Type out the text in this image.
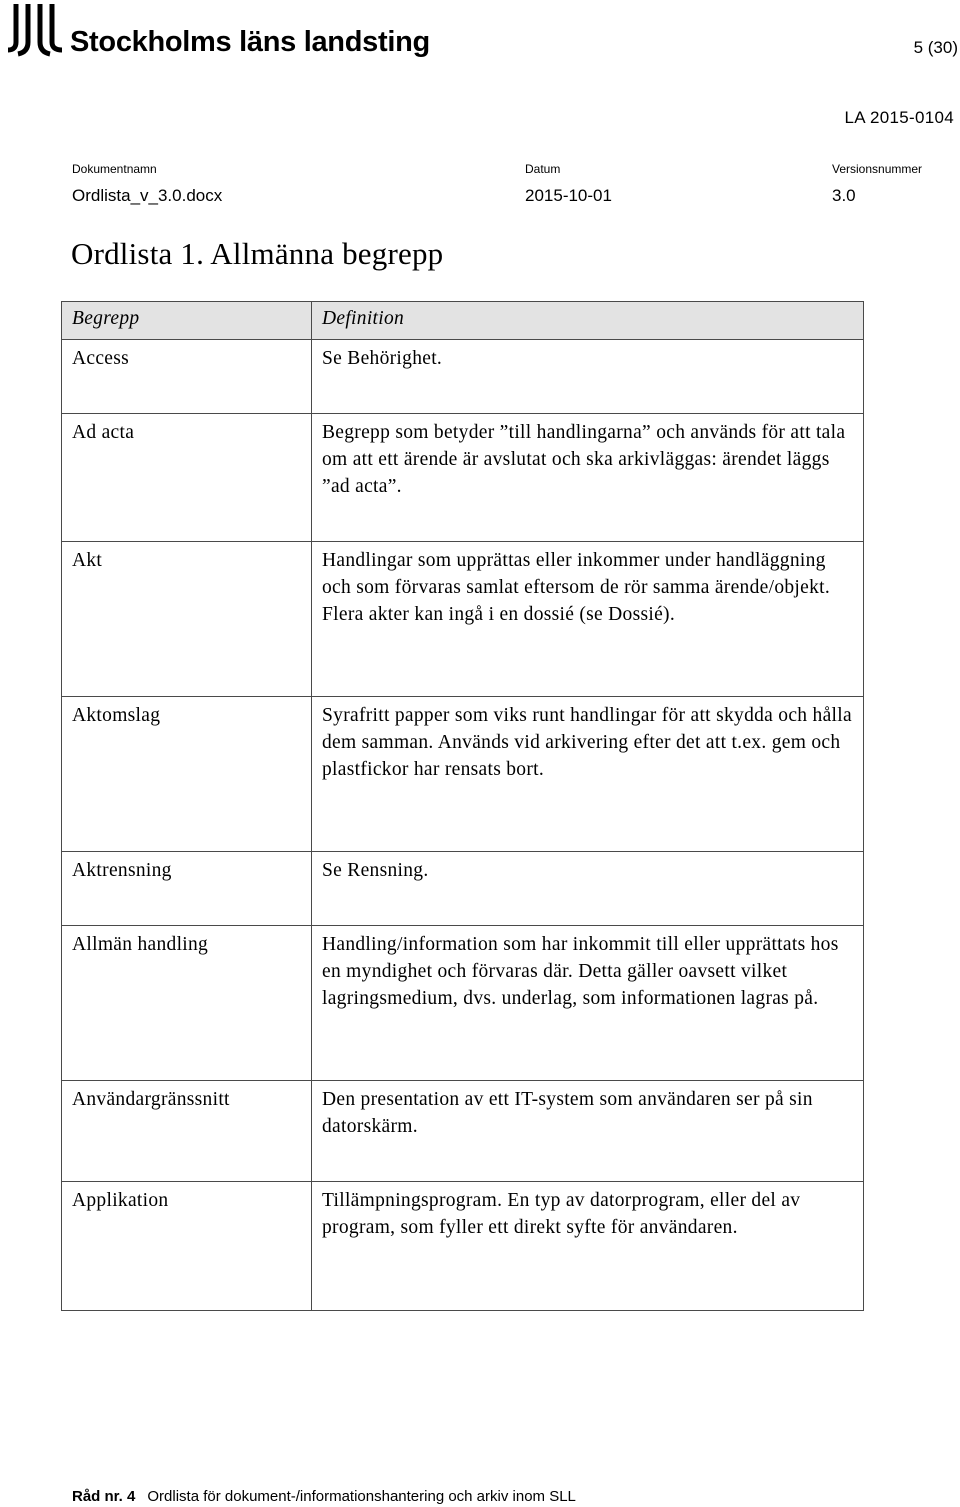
Stockholms läns landsting	5 (30)
LA 2015-0104
Dokumentnamn	Datum	Versionsnummer
Ordlista_v_3.0.docx	2015-10-01	3.0
Ordlista 1. Allmänna begrepp
Begrepp	Definition
Access	Se Behörighet.
Ad acta	Begrepp som betyder ”till handlingarna” och används för att tala om att ett ärende är avslutat och ska arkivläggas: ärendet läggs ”ad acta”.
Akt	Handlingar som upprättas eller inkommer under handläggning och som förvaras samlat eftersom de rör samma ärende/objekt. Flera akter kan ingå i en dossié (se Dossié).
Aktomslag	Syrafritt papper som viks runt handlingar för att skydda och hålla dem samman. Används vid arkivering efter det att t.ex. gem och plastfickor har rensats bort.
Aktrensning	Se Rensning.
Allmän handling	Handling/information som har inkommit till eller upprättats hos en myndighet och förvaras där. Detta gäller oavsett vilket lagringsmedium, dvs. underlag, som informationen lagras på.
Användargränssnitt	Den presentation av ett IT-system som användaren ser på sin datorskärm.
Applikation	Tillämpningsprogram. En typ av datorprogram, eller del av program, som fyller ett direkt syfte för användaren.
Råd nr. 4 Ordlista för dokument-/informationshantering och arkiv inom SLL
